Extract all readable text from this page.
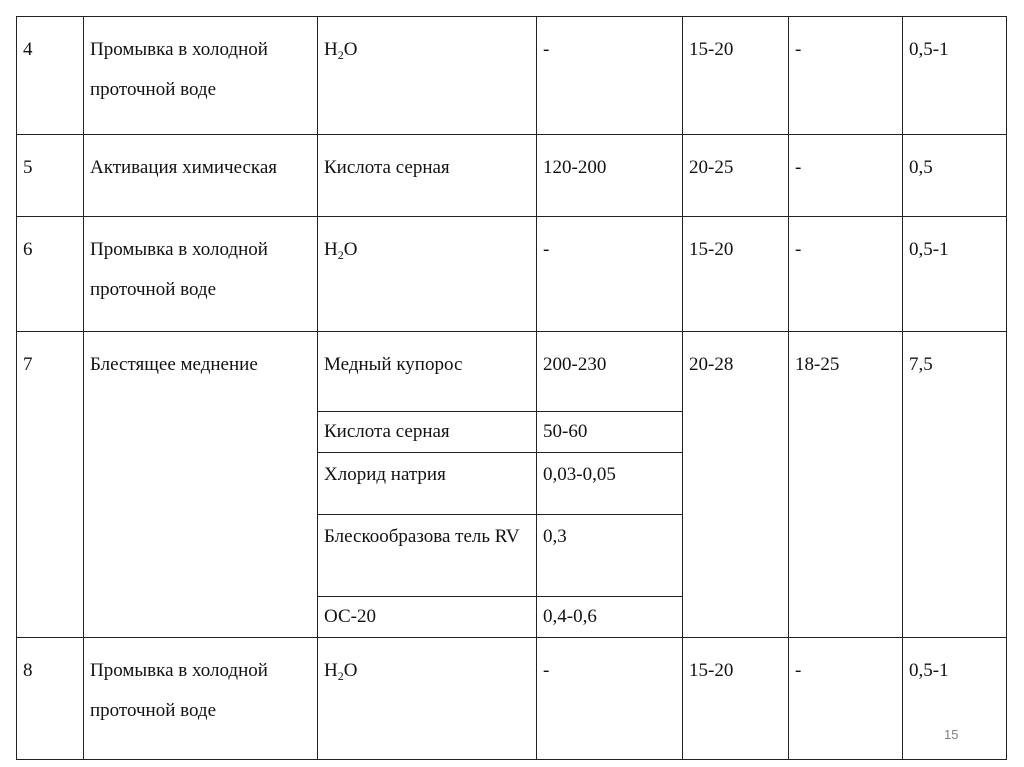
4	Промывка в холодной проточной воде	$H_2O$	-	15-20	-	0,5-1
5	Активация химическая	Кислота серная	120-200	20-25	-	0,5
6	Промывка в холодной проточной воде	$H_2O$	-	15-20	-	0,5-1
7	Блестящее меднение	Медный купорос	200-230	20-28	18-25	7,5
		Кислота серная	50-60			
		Хлорид натрия	0,03-0,05			
		Блескообразова тель RV	0,3			
		ОС-20	0,4-0,6			
8	Промывка в холодной проточной воде	$H_2O$	-	15-20	-	0,5-1
15
